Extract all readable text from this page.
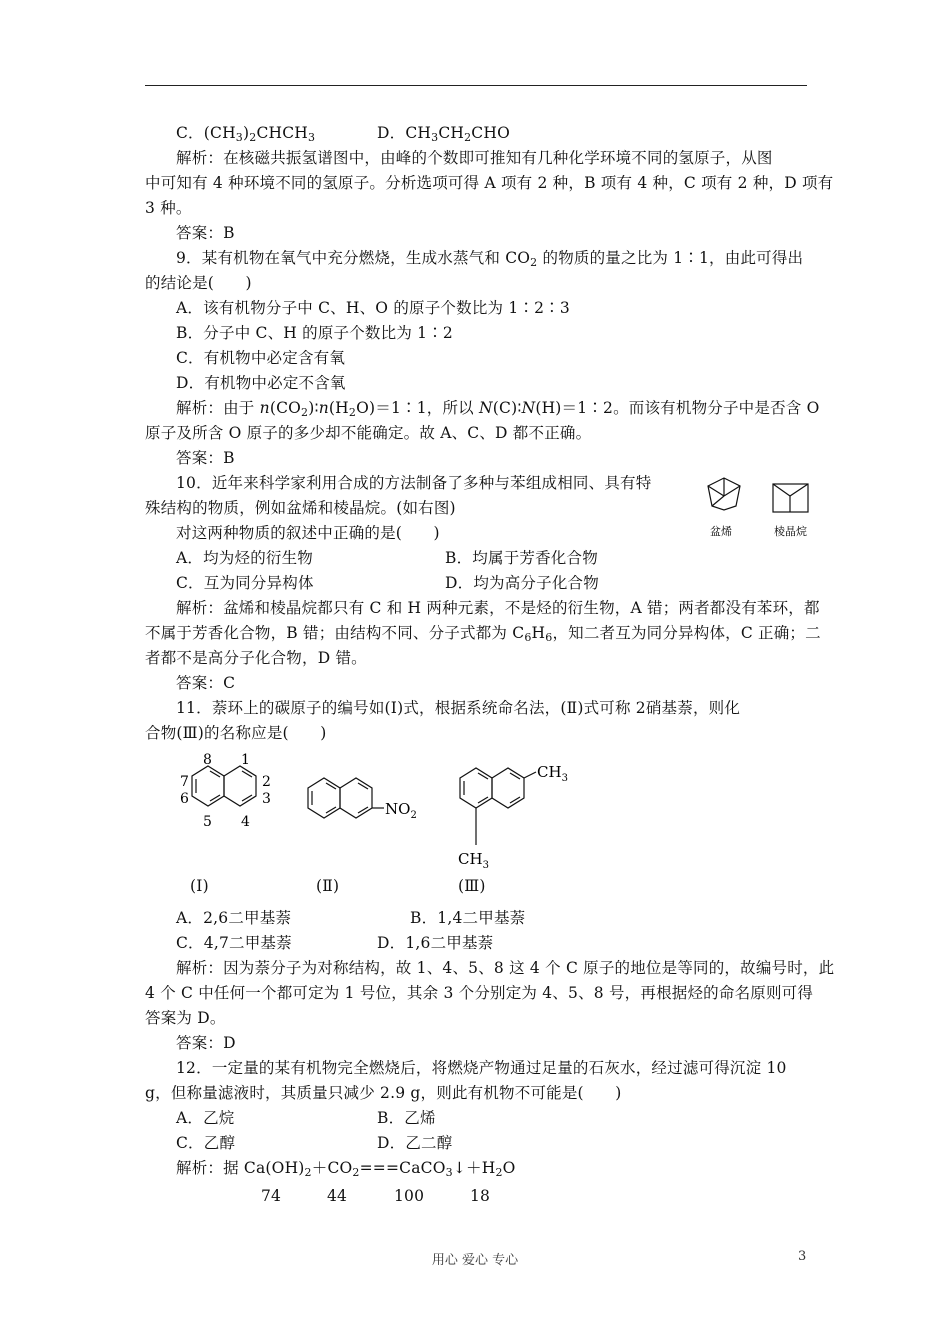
C．$(CH_3)_2CHCH_3$	D．$CH_3CH_2CHO$
解析：在核磁共振氢谱图中，由峰的个数即可推知有几种化学环境不同的氢原子，从图
中可知有 4 种环境不同的氢原子。分析选项可得 A 项有 2 种，B 项有 4 种，C 项有 2 种，D 项有
3 种。
答案：B
9．某有机物在氧气中充分燃烧，生成水蒸气和 $CO_2$ 的物质的量之比为 1∶1，由此可得出
的结论是(　　)
A．该有机物分子中 C、H、O 的原子个数比为 1∶2∶3
B．分子中 C、H 的原子个数比为 1∶2
C．有机物中必定含有氧
D．有机物中必定不含氧
解析：由于 $n(CO_2)∶n(H_2O)=1∶1$，所以 N(C)∶N(H)＝1∶2。而该有机物分子中是否含 O
原子及所含 O 原子的多少却不能确定。故 A、C、D 都不正确。
答案：B
10．近年来科学家利用合成的方法制备了多种与苯组成相同、具有特
殊结构的物质，例如盆烯和棱晶烷。(如右图)
对这两种物质的叙述中正确的是(　　)	盆烯	棱晶烷
A．均为烃的衍生物	B．均属于芳香化合物
C．互为同分异构体	D．均为高分子化合物
解析：盆烯和棱晶烷都只有 C 和 H 两种元素，不是烃的衍生物，A 错；两者都没有苯环，都
不属于芳香化合物，B 错；由结构不同、分子式都为 $C_6H_6$，知二者互为同分异构体，C 正确；二
者都不是高分子化合物，D 错。
答案：C
11．萘环上的碳原子的编号如(Ⅰ)式，根据系统命名法，(Ⅱ)式可称 2硝基萘，则化
合物(Ⅲ)的名称应是(　　)
8 1
7	2
6	3
5 4
$NO_2$
$CH_3$
$CH_3$
(Ⅰ)	(Ⅱ)	(Ⅲ)
A．2,6二甲基萘	B．1,4二甲基萘
C．4,7二甲基萘	D．1,6二甲基萘
解析：因为萘分子为对称结构，故 1、4、5、8 这 4 个 C 原子的地位是等同的，故编号时，此
4 个 C 中任何一个都可定为 1 号位，其余 3 个分别定为 4、5、8 号，再根据烃的命名原则可得
答案为 D。
答案：D
12．一定量的某有机物完全燃烧后，将燃烧产物通过足量的石灰水，经过滤可得沉淀 10
g，但称量滤液时，其质量只减少 2.9 g，则此有机物不可能是(　　)
A．乙烷	B．乙烯
C．乙醇	D．乙二醇
解析：据 $Ca(OH)_2+CO_2===CaCO_3↓+H_2O$
74	44	100	18
用心 爱心 专心	3
